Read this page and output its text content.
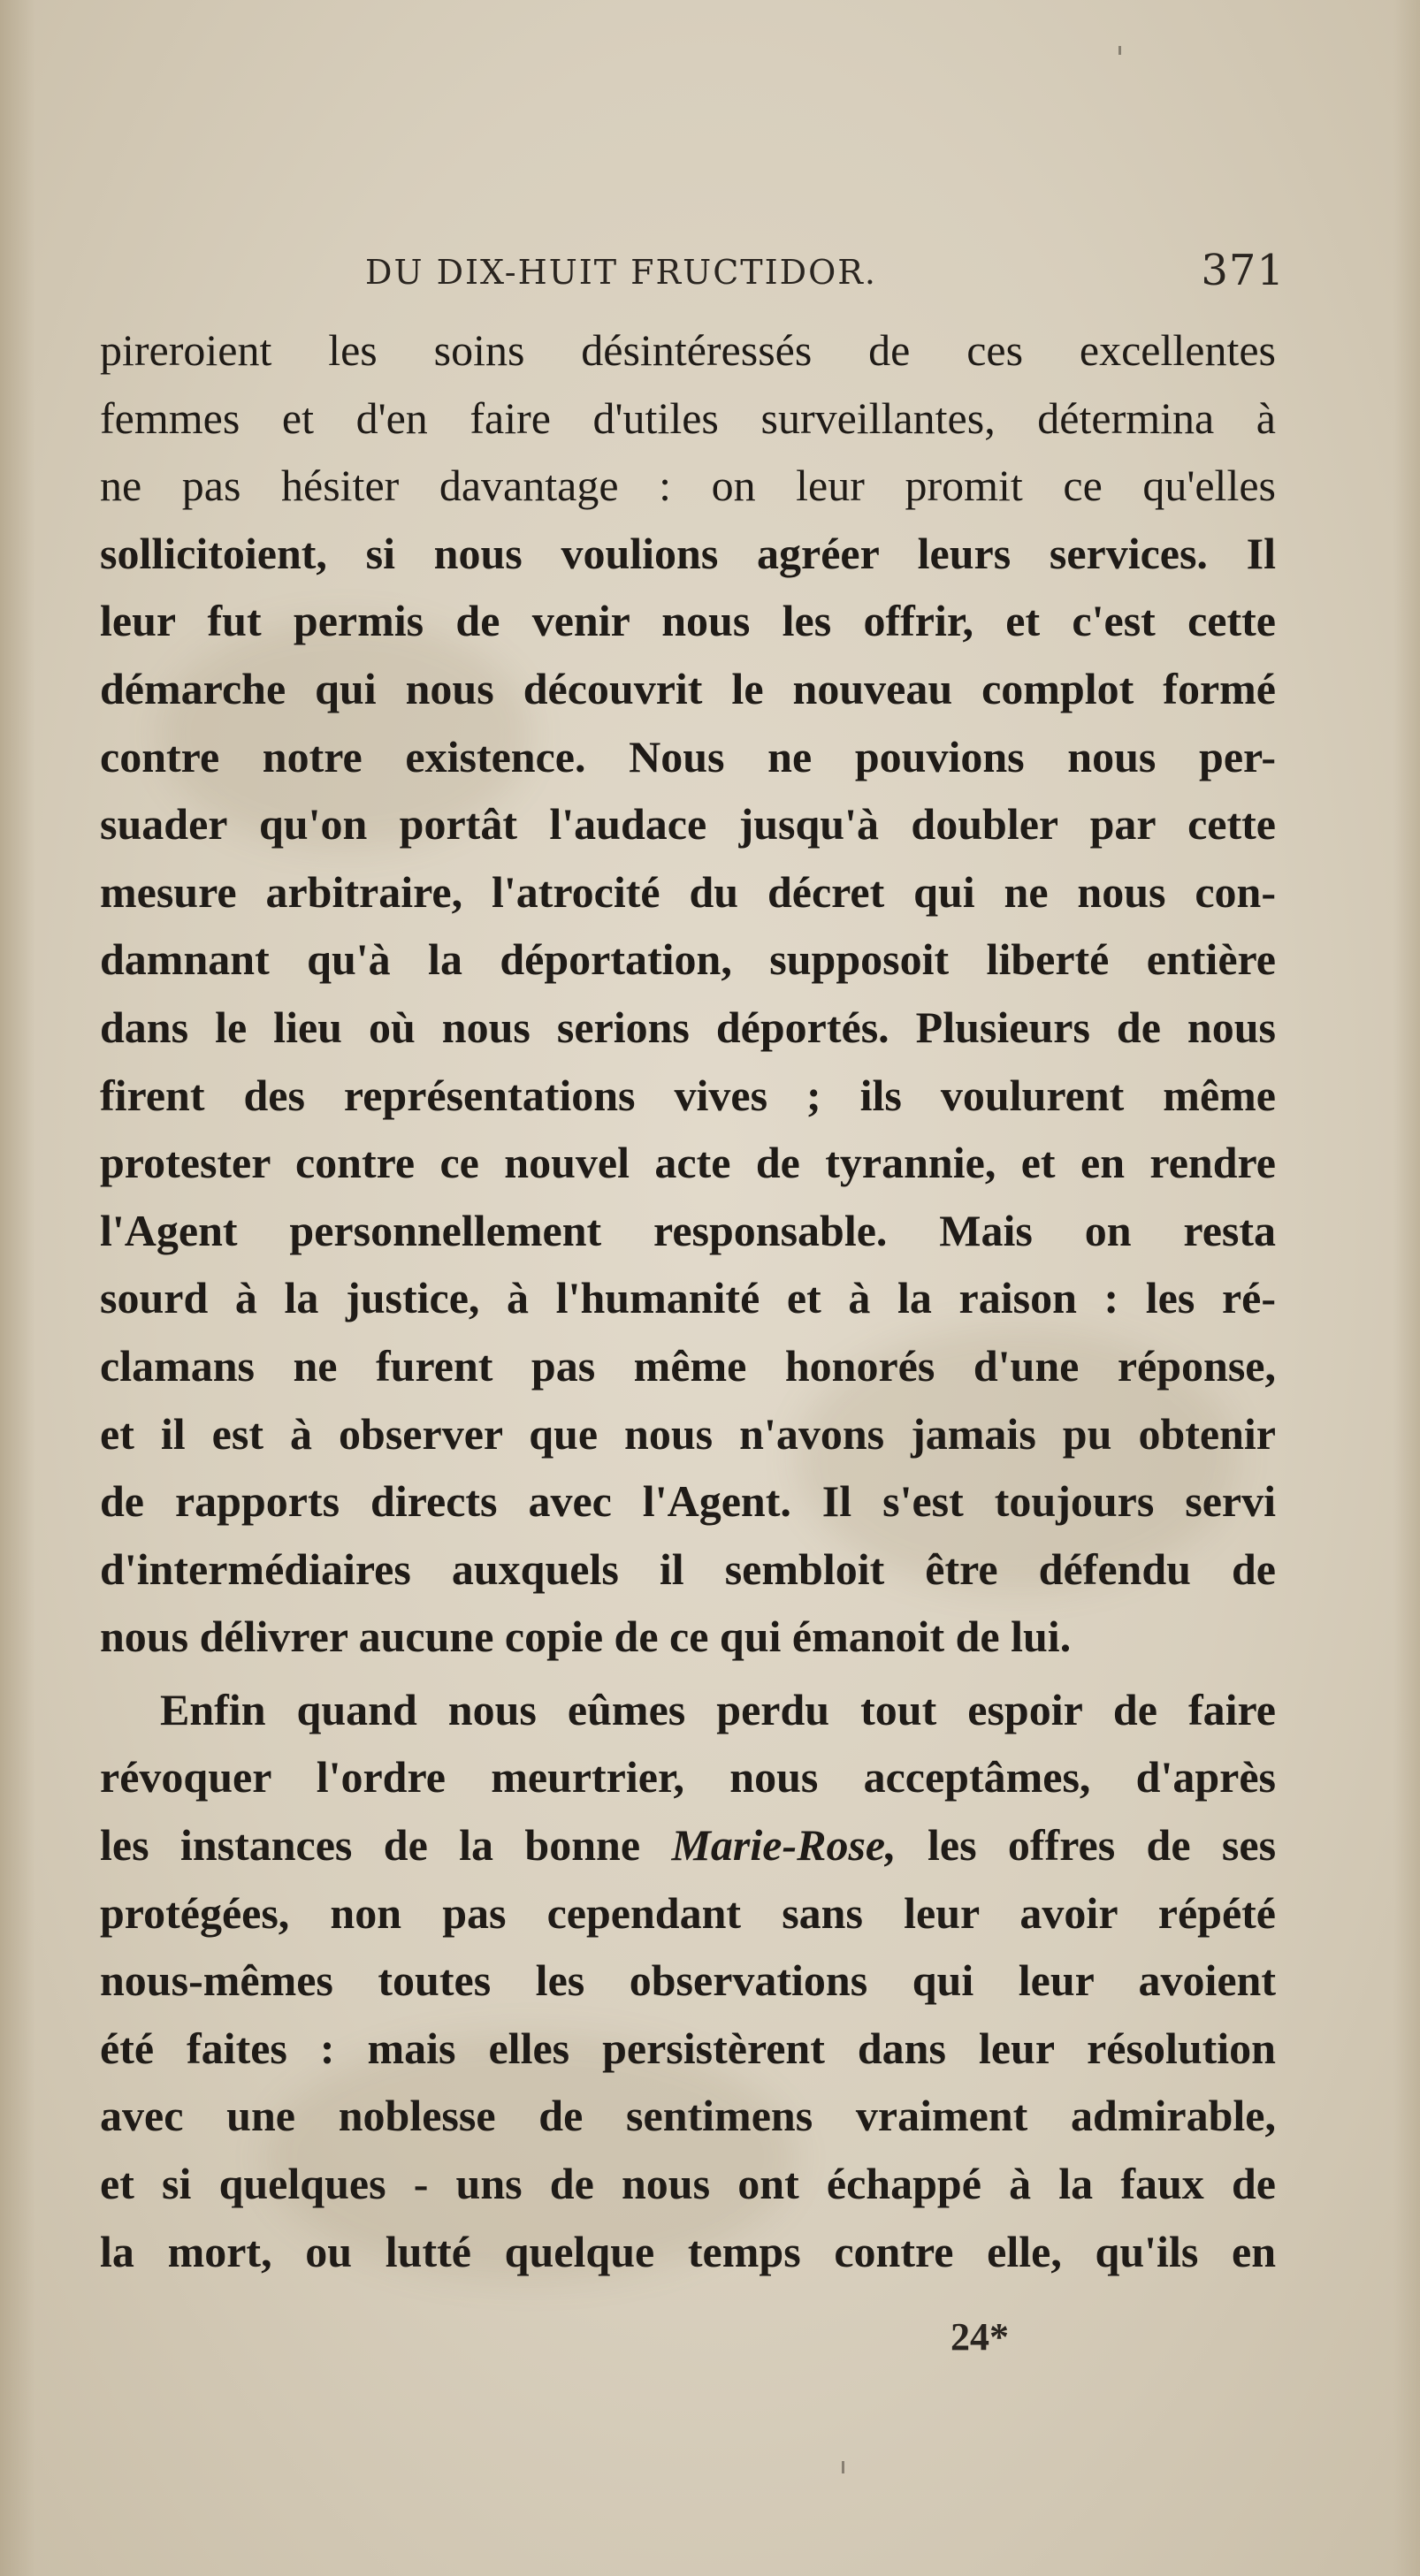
DU DIX-HUIT FRUCTIDOR.	371
pireroient les soins désintéressés de ces excellentes
femmes et d'en faire d'utiles surveillantes, détermina à
ne pas hésiter davantage : on leur promit ce qu'elles
sollicitoient, si nous voulions agréer leurs services. Il
leur fut permis de venir nous les offrir, et c'est cette
démarche qui nous découvrit le nouveau complot formé
contre notre existence. Nous ne pouvions nous per-
suader qu'on portât l'audace jusqu'à doubler par cette
mesure arbitraire, l'atrocité du décret qui ne nous con-
damnant qu'à la déportation, supposoit liberté entière
dans le lieu où nous serions déportés. Plusieurs de nous
firent des représentations vives ; ils voulurent même
protester contre ce nouvel acte de tyrannie, et en rendre
l'Agent personnellement responsable. Mais on resta
sourd à la justice, à l'humanité et à la raison : les ré-
clamans ne furent pas même honorés d'une réponse,
et il est à observer que nous n'avons jamais pu obtenir
de rapports directs avec l'Agent. Il s'est toujours servi
d'intermédiaires auxquels il sembloit être défendu de
nous délivrer aucune copie de ce qui émanoit de lui.
Enfin quand nous eûmes perdu tout espoir de faire
révoquer l'ordre meurtrier, nous acceptâmes, d'après
les instances de la bonne Marie-Rose, les offres de ses
protégées, non pas cependant sans leur avoir répété
nous-mêmes toutes les observations qui leur avoient
été faites : mais elles persistèrent dans leur résolution
avec une noblesse de sentimens vraiment admirable,
et si quelques - uns de nous ont échappé à la faux de
la mort, ou lutté quelque temps contre elle, qu'ils en
24*
